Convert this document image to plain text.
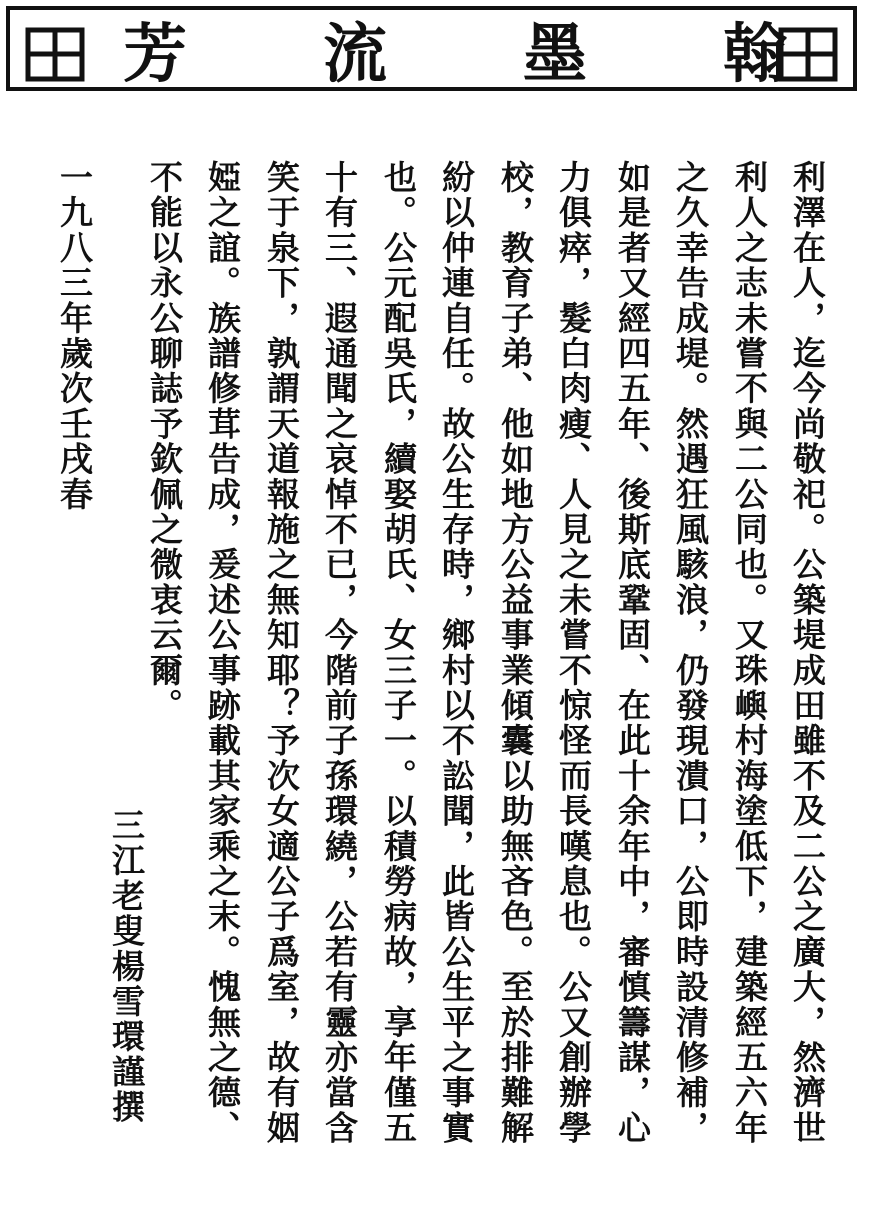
翰
墨
流
芳
利澤在人，迄今尚敬祀。公築堤成田雖不及二公之廣大，然濟世
利人之志未嘗不與二公同也。又珠嶼村海塗低下，建築經五六年
之久幸告成堤。然遇狂風駭浪，仍發現潰口，公即時設清修補，
如是者又經四五年、後斯底鞏固、在此十余年中，審慎籌謀，心
力俱瘁，髮白肉瘦、人見之未嘗不惊怪而長嘆息也。公又創辦學
校，教育子弟、他如地方公益事業傾囊以助無吝色。至於排難解
紛以仲連自任。故公生存時，鄉村以不訟聞，此皆公生平之事實
也。公元配吳氏，續娶胡氏、女三子一。以積勞病故，享年僅五
十有三、遐通聞之哀悼不已，今階前子孫環繞，公若有靈亦當含
笑于泉下，孰謂天道報施之無知耶？予次女適公子爲室，故有姻
婭之誼。族譜修茸告成，爰述公事跡載其家乘之末。愧無之德、
不能以永公聊誌予欽佩之微衷云爾。
一九八三年歲次壬戌春
三江老叟楊雪環謹撰
